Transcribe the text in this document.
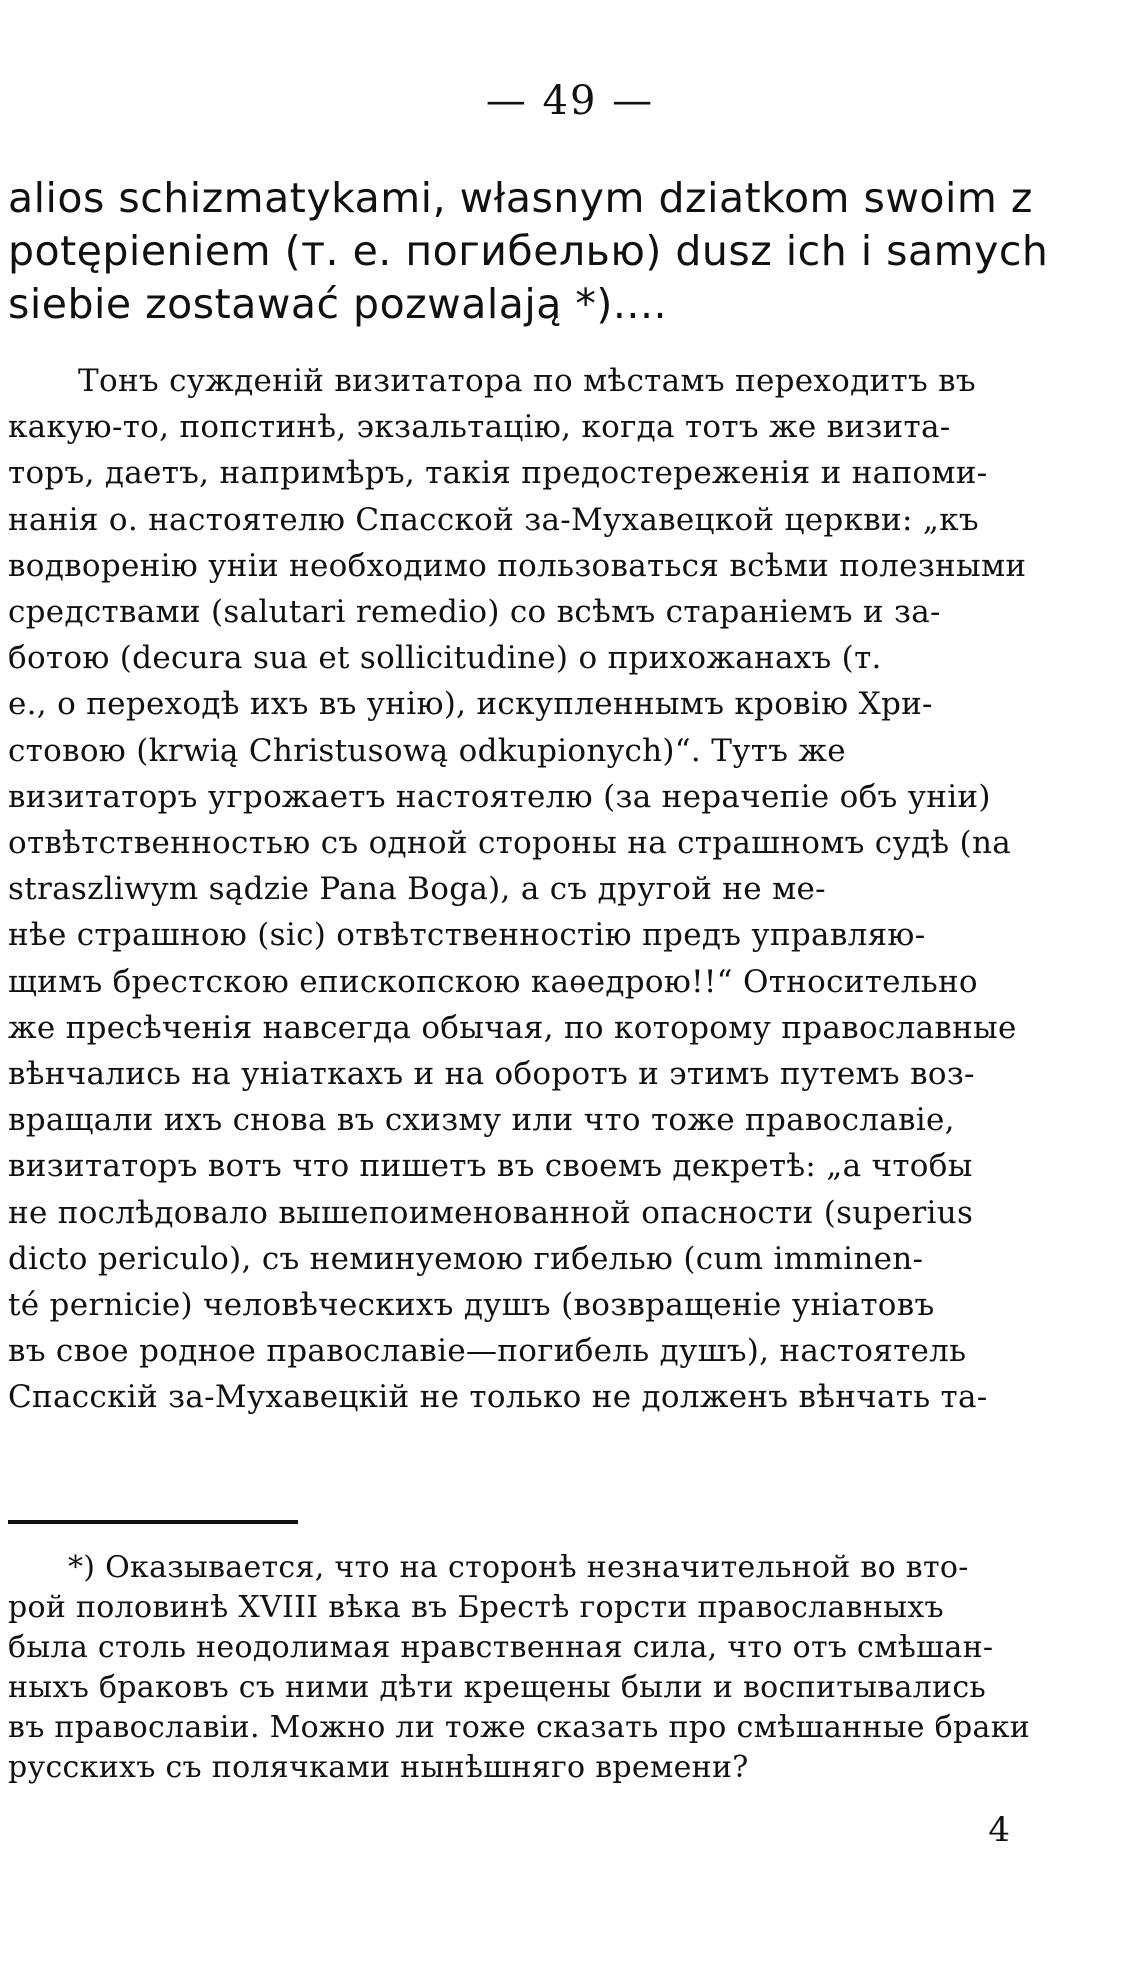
— 49 —
alios schizmatykami, własnym dziatkom swoim z
potępieniem (т. е. погибелью) dusz ich i samych
siebie zostawać pozwalają *)....
Тонъ сужденій визитатора по мѣстамъ переходитъ въ
какую-то, попстинѣ, экзальтацію, когда тотъ же визита-
торъ, даетъ, напримѣръ, такія предостереженія и напоми-
нанія о. настоятелю Спасской за-Мухавецкой церкви: „къ
водворенію уніи необходимо пользоваться всѣми полезными
средствами (salutari remedio) со всѣмъ стараніемъ и за-
ботою (decura sua et sollicitudine) о прихожанахъ (т.
е., о переходѣ ихъ въ унію), искупленнымъ кровію Хри-
стовою (krwią Christusową odkupionych)“. Тутъ же
визитаторъ угрожаетъ настоятелю (за нерачепіе объ уніи)
отвѣтственностью съ одной стороны на страшномъ судѣ (na
straszliwym sądzie Pana Boga), а съ другой не ме-
нѣе страшною (sic) отвѣтственностію предъ управляю-
щимъ брестскою епископскою каѳедрою!!“ Относительно
же пресѣченія навсегда обычая, по которому православные
вѣнчались на уніаткахъ и на оборотъ и этимъ путемъ воз-
вращали ихъ снова въ схизму или что тоже православіе,
визитаторъ вотъ что пишетъ въ своемъ декретѣ: „а чтобы
не послѣдовало вышепоименованной опасности (superius
dicto periculo), съ неминуемою гибелью (cum imminen-
té pernicie) человѣческихъ душъ (возвращеніе уніатовъ
въ свое родное православіе—погибель душъ), настоятель
Спасскій за-Мухавецкій не только не долженъ вѣнчать та-
*) Оказывается, что на сторонѣ незначительной во вто-
рой половинѣ XVIII вѣка въ Брестѣ горсти православныхъ
была столь неодолимая нравственная сила, что отъ смѣшан-
ныхъ браковъ съ ними дѣти крещены были и воспитывались
въ православіи. Можно ли тоже сказать про смѣшанные браки
русскихъ съ полячками нынѣшняго времени?
4
